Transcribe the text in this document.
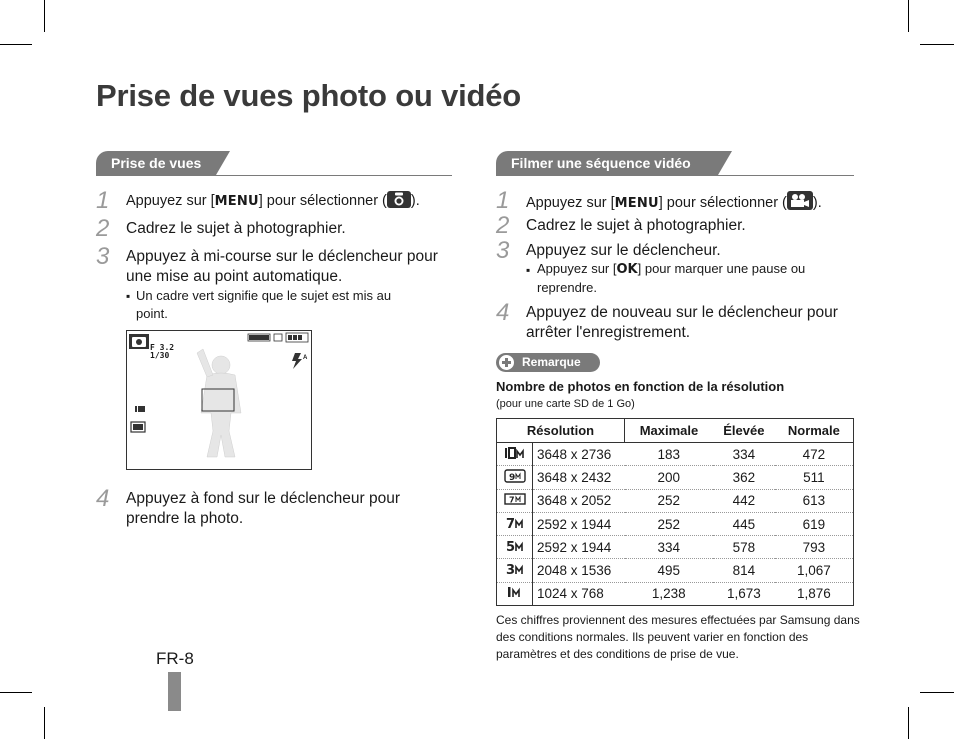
Prise de vues photo ou vidéo
Prise de vues
1 Appuyez sur [MENU] pour sélectionner ( ).
2 Cadrez le sujet à photographier.
3 Appuyez à mi-course sur le déclencheur pour
une mise au point automatique.
▪ Un cadre vert signifie que le sujet est mis au
point.
F 3.2
1/30	A
4 Appuyez à fond sur le déclencheur pour
prendre la photo.
Filmer une séquence vidéo
1 Appuyez sur [MENU] pour sélectionner ( ).
2 Cadrez le sujet à photographier.
3 Appuyez sur le déclencheur.
▪ Appuyez sur [OK] pour marquer une pause ou
reprendre.
4 Appuyez de nouveau sur le déclencheur pour
arrêter l'enregistrement.
Remarque
Nombre de photos en fonction de la résolution
(pour une carte SD de 1 Go)
Résolution		Maximale	Élevée	Normale
	3648 x 2736	183	334	472

9	3648 x 2432	200	362	511

7	3648 x 2052	252	442	613

7	2592 x 1944	252	445	619

5	2592 x 1944	334	578	793

3	2048 x 1536	495	814	1,067
	1024 x 768	1,238	1,673	1,876
Ces chiffres proviennent des mesures effectuées par Samsung dans des conditions normales. Ils peuvent varier en fonction des paramètres et des conditions de prise de vue.
FR-8
